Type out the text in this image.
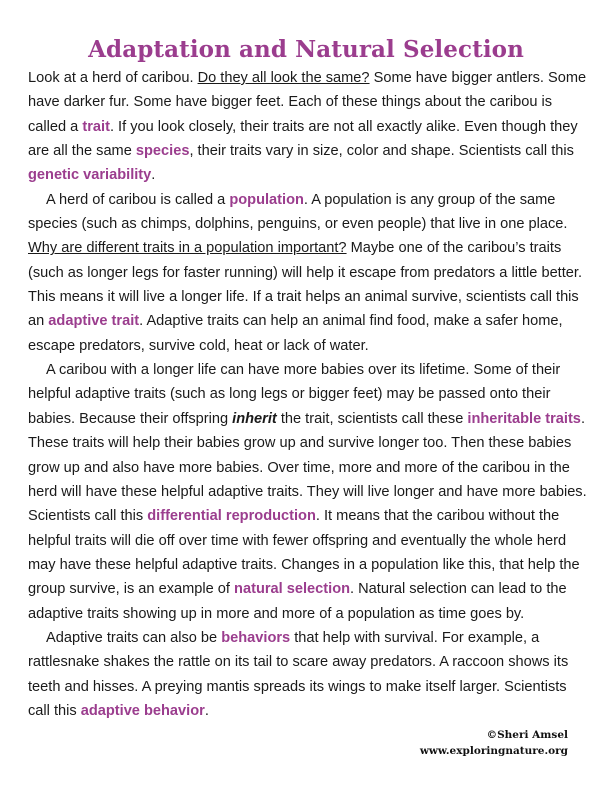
Adaptation and Natural Selection

Look at a herd of caribou. Do they all look the same? Some have bigger antlers. Some have darker fur. Some have bigger feet. Each of these things about the caribou is called a trait. If you look closely, their traits are not all exactly alike. Even though they are all the same species, their traits vary in size, color and shape. Scientists call this genetic variability.

A herd of caribou is called a population. A population is any group of the same species (such as chimps, dolphins, penguins, or even people) that live in one place. Why are different traits in a population important? Maybe one of the caribou’s traits (such as longer legs for faster running) will help it escape from predators a little better. This means it will live a longer life. If a trait helps an animal survive, scientists call this an adaptive trait. Adaptive traits can help an animal find food, make a safer home, escape predators, survive cold, heat or lack of water.

A caribou with a longer life can have more babies over its lifetime. Some of their helpful adaptive traits (such as long legs or bigger feet) may be passed onto their babies. Because their offspring inherit the trait, scientists call these inheritable traits. These traits will help their babies grow up and survive longer too. Then these babies grow up and also have more babies. Over time, more and more of the caribou in the herd will have these helpful adaptive traits. They will live longer and have more babies. Scientists call this differential reproduction. It means that the caribou without the helpful traits will die off over time with fewer offspring and eventually the whole herd may have these helpful adaptive traits. Changes in a population like this, that help the group survive, is an example of natural selection. Natural selection can lead to the adaptive traits showing up in more and more of a population as time goes by.

Adaptive traits can also be behaviors that help with survival. For example, a rattlesnake shakes the rattle on its tail to scare away predators. A raccoon shows its teeth and hisses. A preying mantis spreads its wings to make itself larger. Scientists call this adaptive behavior.

©Sheri Amsel
www.exploringnature.org
